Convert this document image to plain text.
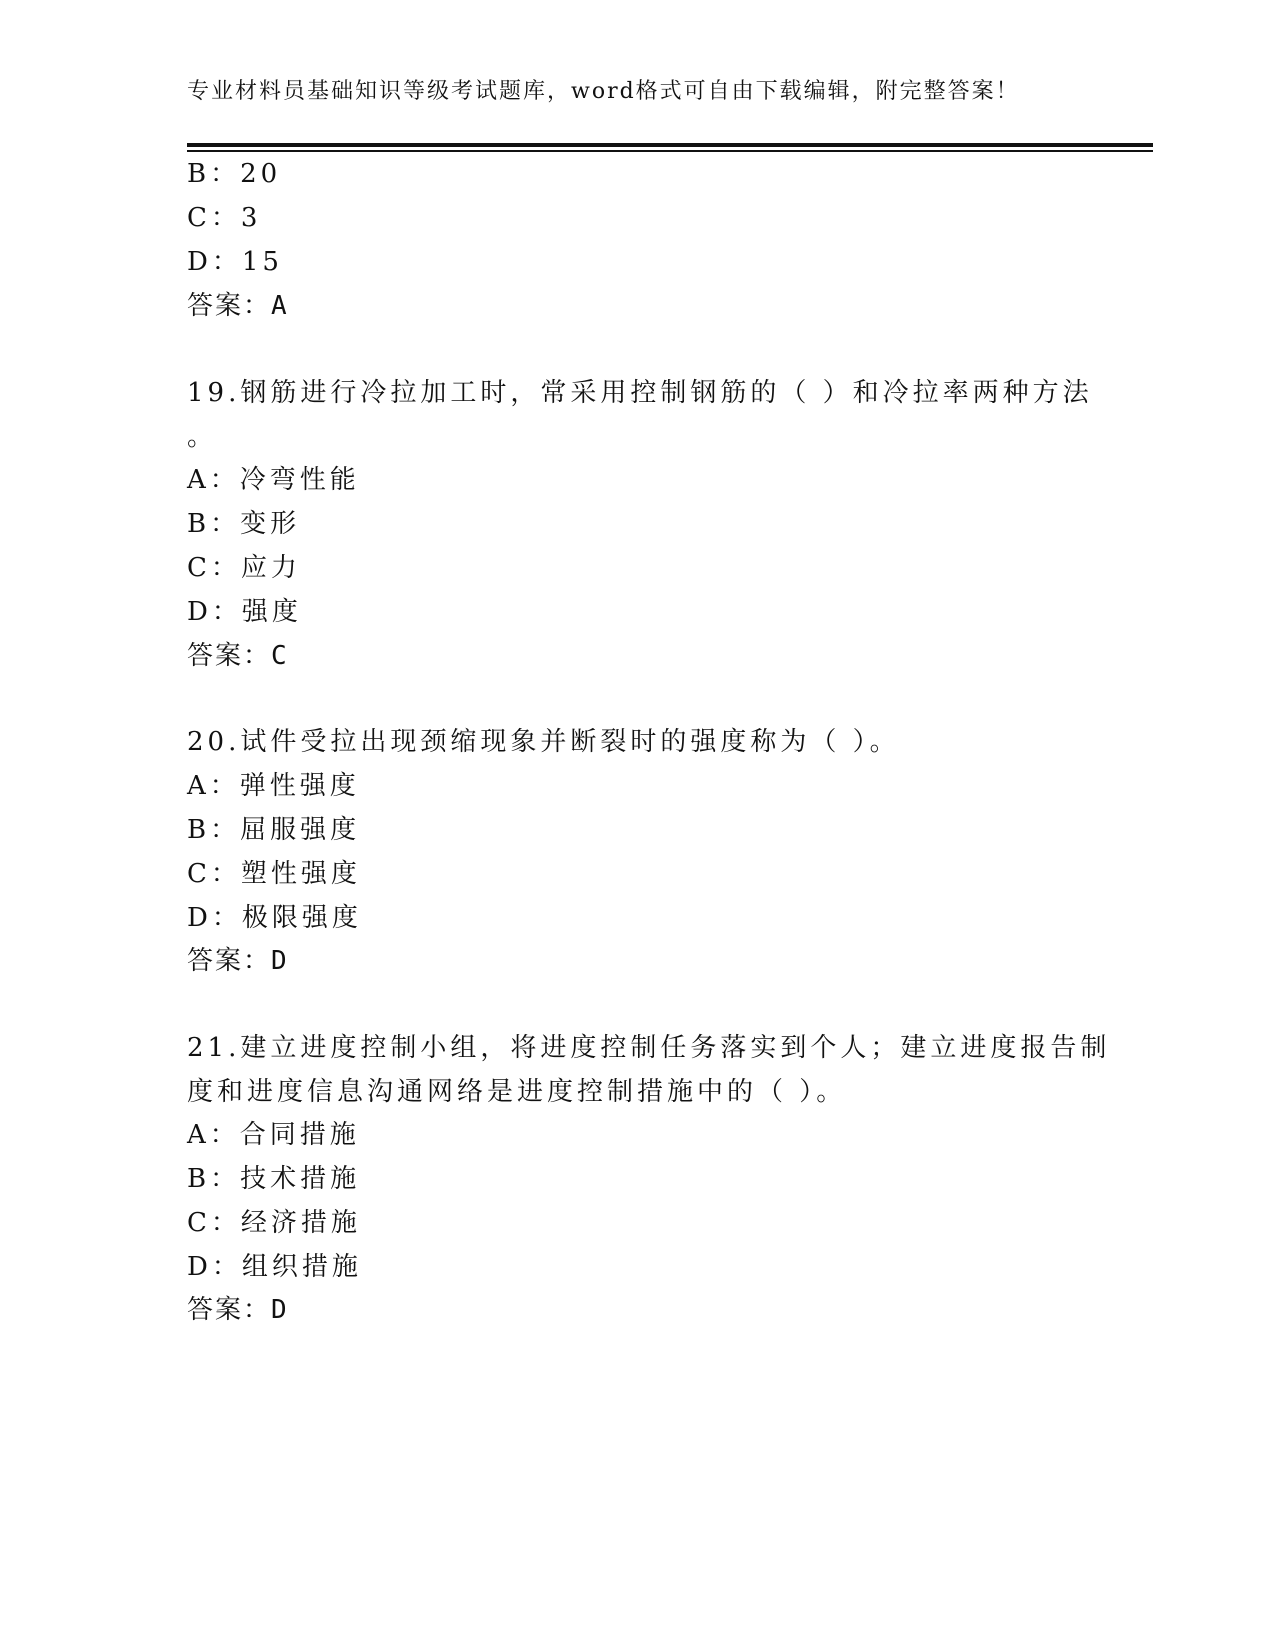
专业材料员基础知识等级考试题库，word格式可自由下载编辑，附完整答案！
B：20
C：3
D：15
答案：A
19.钢筋进行冷拉加工时，常采用控制钢筋的（ ）和冷拉率两种方法
。
A：冷弯性能
B：变形
C：应力
D：强度
答案：C
20.试件受拉出现颈缩现象并断裂时的强度称为（ ）。
A：弹性强度
B：屈服强度
C：塑性强度
D：极限强度
答案：D
21.建立进度控制小组，将进度控制任务落实到个人；建立进度报告制
度和进度信息沟通网络是进度控制措施中的（ ）。
A：合同措施
B：技术措施
C：经济措施
D：组织措施
答案：D
